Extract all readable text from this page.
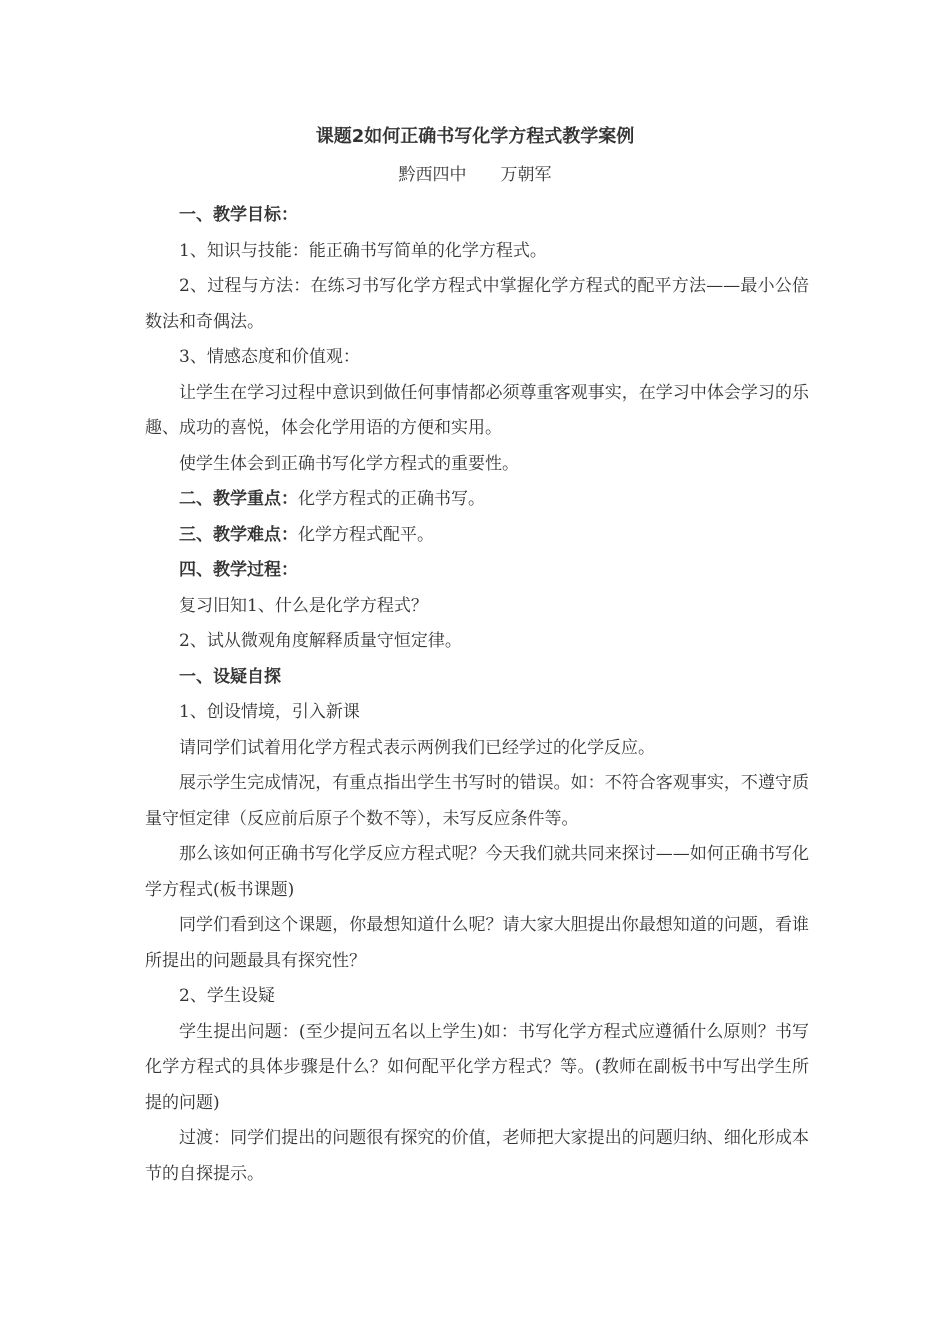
课题2如何正确书写化学方程式教学案例
黔西四中 万朝军

一、教学目标：

1、知识与技能：能正确书写简单的化学方程式。

2、过程与方法：在练习书写化学方程式中掌握化学方程式的配平方法——最小公倍数法和奇偶法。

3、情感态度和价值观：

让学生在学习过程中意识到做任何事情都必须尊重客观事实，在学习中体会学习的乐趣、成功的喜悦，体会化学用语的方便和实用。

使学生体会到正确书写化学方程式的重要性。

二、教学重点：化学方程式的正确书写。

三、教学难点：化学方程式配平。

四、教学过程：

复习旧知1、什么是化学方程式？

2、试从微观角度解释质量守恒定律。

一、设疑自探

1、创设情境，引入新课

请同学们试着用化学方程式表示两例我们已经学过的化学反应。

展示学生完成情况，有重点指出学生书写时的错误。如：不符合客观事实，不遵守质量守恒定律（反应前后原子个数不等），未写反应条件等。

那么该如何正确书写化学反应方程式呢？今天我们就共同来探讨——如何正确书写化学方程式(板书课题)

同学们看到这个课题，你最想知道什么呢？请大家大胆提出你最想知道的问题，看谁所提出的问题最具有探究性？

2、学生设疑

学生提出问题：(至少提问五名以上学生)如：书写化学方程式应遵循什么原则？书写化学方程式的具体步骤是什么？如何配平化学方程式？等。(教师在副板书中写出学生所提的问题)

过渡：同学们提出的问题很有探究的价值，老师把大家提出的问题归纳、细化形成本节的自探提示。
